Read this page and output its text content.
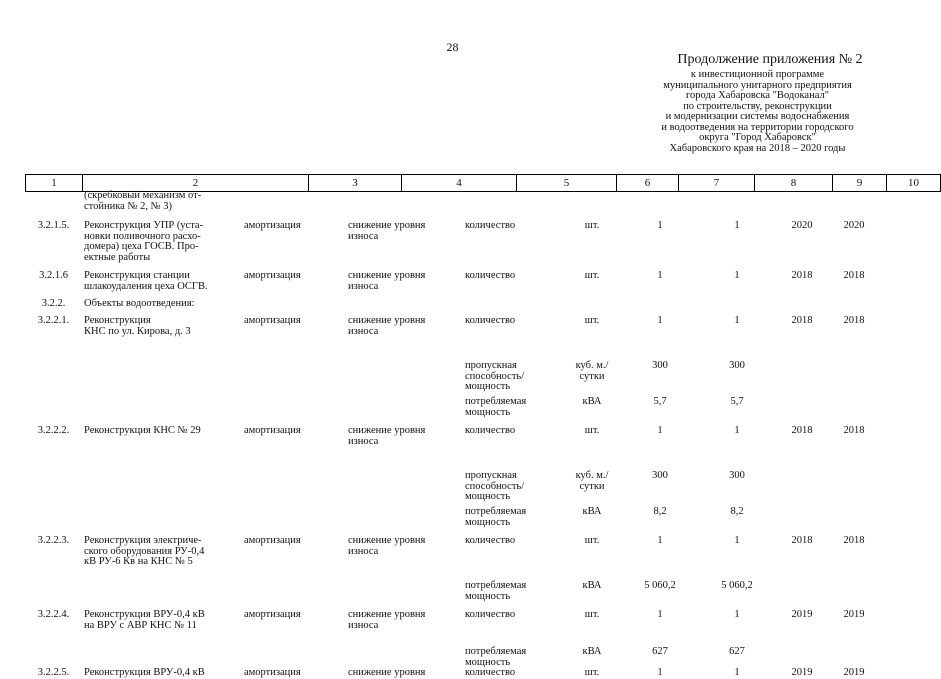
28
Продолжение приложения № 2
к инвестиционной программе
муниципального унитарного предприятия
города Хабаровска "Водоканал"
по строительству, реконструкции
и модернизации системы водоснабжения
и водоотведения на территории городского
округа "Город Хабаровск"
Хабаровского края на 2018 – 2020 годы
1	2	3	4	5	6	7	8	9	10

	(скребковый механизм от-
стойника № 2, № 3)								

3.2.1.5.	Реконструкция УПР (уста-
новки поливочного расхо-
домера) цеха ГОСВ. Про-
ектные работы	амортизация	снижение уровня
износа	количество	шт.	1	1	2020	2020
3.2.1.6	Реконструкция станции
шлакоудаления цеха ОСГВ.	амортизация	снижение уровня
износа	количество	шт.	1	1	2018	2018
3.2.2.	Объекты водоотведения:								

3.2.2.1.	Реконструкция
КНС по ул. Кирова, д. 3	амортизация	снижение уровня
износа	количество	шт.	1	1	2018	2018

				пропускная
способность/
мощность	куб. м./
сутки	300	300		

				потребляемая
мощность	кВА	5,7	5,7		
3.2.2.2.	Реконструкция КНС № 29	амортизация	снижение уровня
износа	количество	шт.	1	1	2018	2018

				пропускная
способность/
мощность	куб. м./
сутки	300	300		

				потребляемая
мощность	кВА	8,2	8,2		
3.2.2.3.	Реконструкция электриче-
ского оборудования РУ-0,4
кВ РУ-6 Кв на КНС № 5	амортизация	снижение уровня
износа	количество	шт.	1	1	2018	2018

				потребляемая
мощность	кВА	5 060,2	5 060,2		
3.2.2.4.	Реконструкция ВРУ-0,4 кВ
на ВРУ с АВР КНС № 11	амортизация	снижение уровня
износа	количество	шт.	1	1	2019	2019

				потребляемая
мощность	кВА	627	627		
3.2.2.5.	Реконструкция ВРУ-0,4 кВ	амортизация	снижение уровня	количество	шт.	1	1	2019	2019
